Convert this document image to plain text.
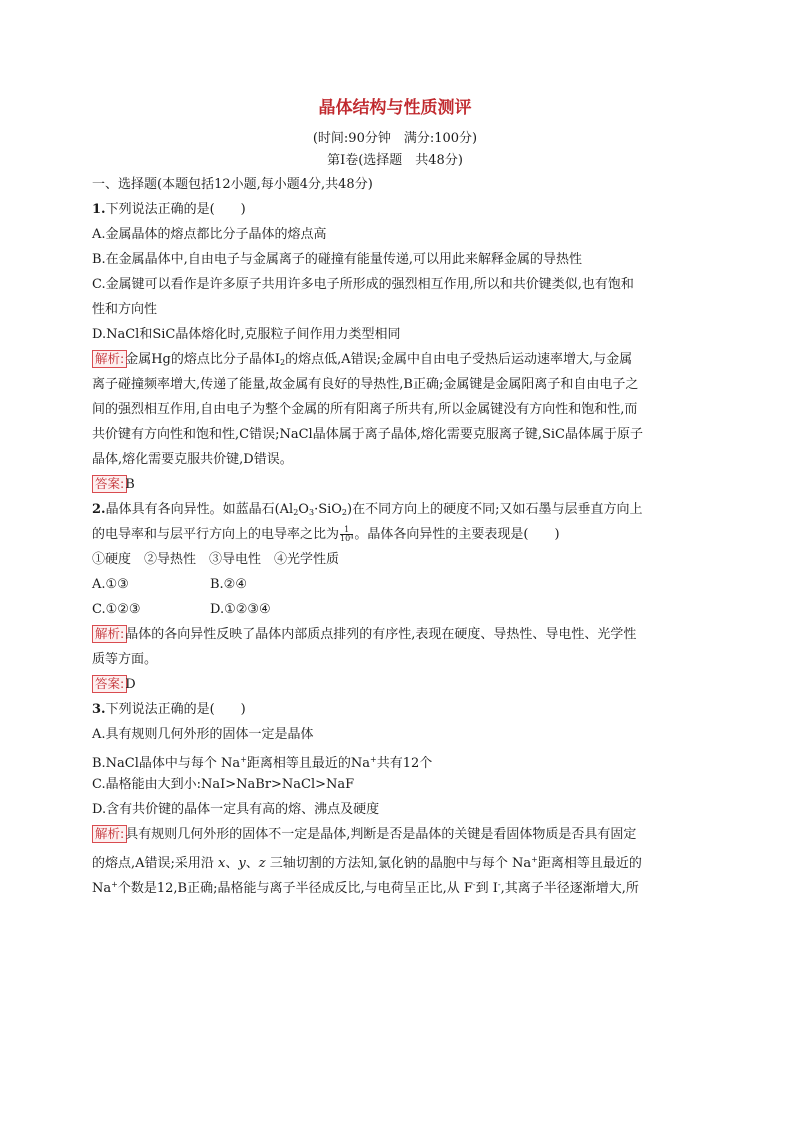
晶体结构与性质测评
(时间:90分钟　满分:100分)
第Ⅰ卷(选择题　共48分)
一、选择题(本题包括12小题,每小题4分,共48分)
1.下列说法正确的是(　　)
A.金属晶体的熔点都比分子晶体的熔点高
B.在金属晶体中,自由电子与金属离子的碰撞有能量传递,可以用此来解释金属的导热性
C.金属键可以看作是许多原子共用许多电子所形成的强烈相互作用,所以和共价键类似,也有饱和
性和方向性
D.NaCl和SiC晶体熔化时,克服粒子间作用力类型相同
解析:金属Hg的熔点比分子晶体$I_2$的熔点低,A错误;金属中自由电子受热后运动速率增大,与金属
离子碰撞频率增大,传递了能量,故金属有良好的导热性,B正确;金属键是金属阳离子和自由电子之
间的强烈相互作用,自由电子为整个金属的所有阳离子所共有,所以金属键没有方向性和饱和性,而
共价键有方向性和饱和性,C错误;NaCl晶体属于离子晶体,熔化需要克服离子键,SiC晶体属于原子
晶体,熔化需要克服共价键,D错误。
答案:B
2.晶体具有各向异性。如蓝晶石$(Al_2O_3\cdot SiO_2)$在不同方向上的硬度不同;又如石墨与层垂直方向上
的电导率和与层平行方向上的电导率之比为 $\frac{1}{\text{10⁴}}$ 。晶体各向异性的主要表现是(　　)
①硬度　②导热性　③导电性　④光学性质
A.①③	B.②④
C.①②③	D.①②③④
解析:晶体的各向异性反映了晶体内部质点排列的有序性,表现在硬度、导热性、导电性、光学性
质等方面。
答案:D
3.下列说法正确的是(　　)
A.具有规则几何外形的固体一定是晶体
B.NaCl晶体中与每个 Na+距离相等且最近的Na+共有12个
C.晶格能由大到小:NaI>NaBr>NaCl>NaF
D.含有共价键的晶体一定具有高的熔、沸点及硬度
解析:具有规则几何外形的固体不一定是晶体,判断是否是晶体的关键是看固体物质是否具有固定
的熔点,A错误;采用沿 x、y、z 三轴切割的方法知,氯化钠的晶胞中与每个 Na+距离相等且最近的
Na+个数是12,B正确;晶格能与离子半径成反比,与电荷呈正比,从 F-到 I-,其离子半径逐渐增大,所
